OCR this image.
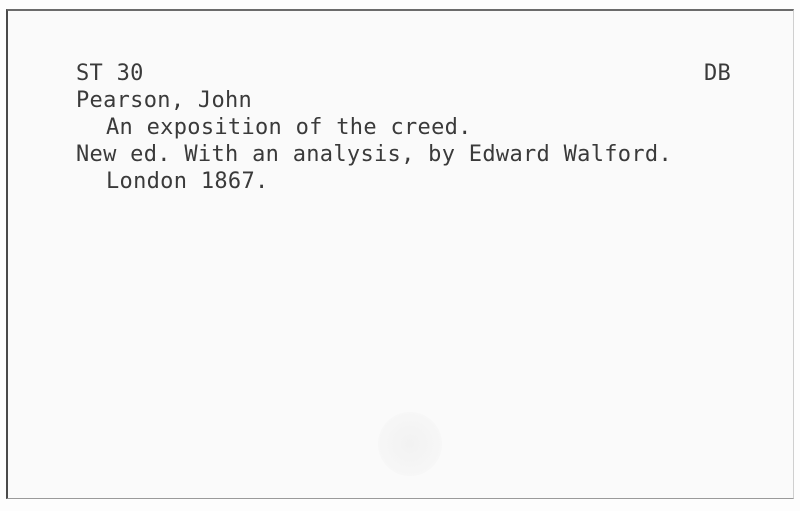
ST 30	DB
Pearson, John
An exposition of the creed.
New ed. With an analysis, by Edward Walford.
London 1867.
